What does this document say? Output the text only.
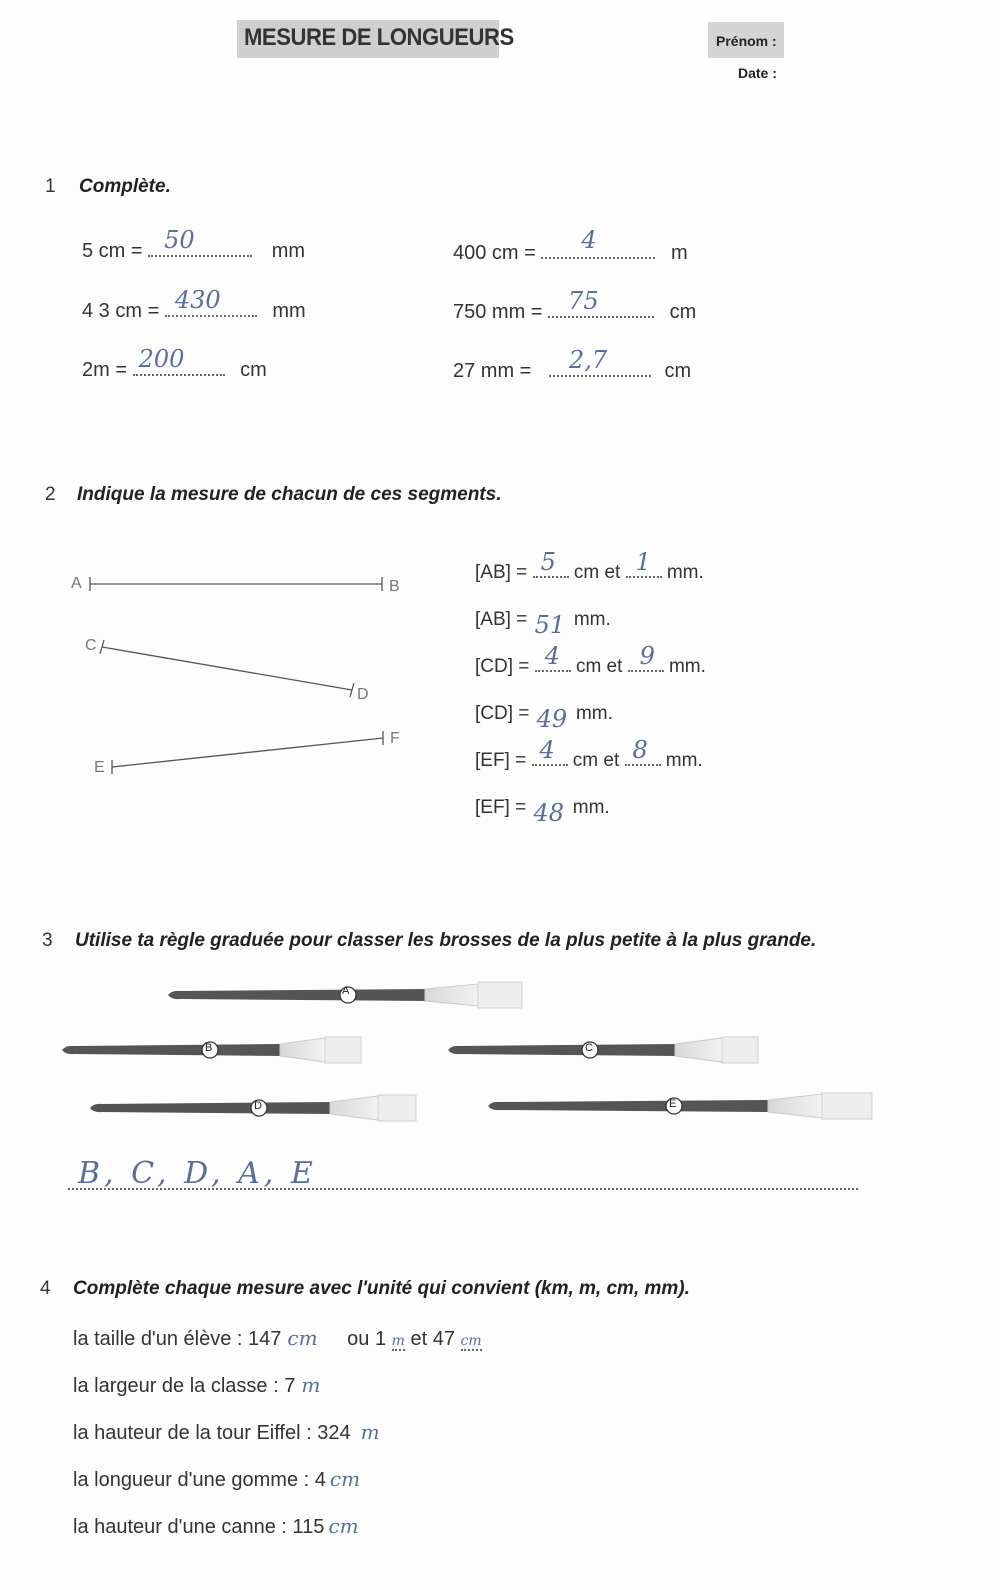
MESURE DE LONGUEURS	Prénom :
Date :
1 Complète.
5 cm = 50	mm
4 3 cm = 430	mm
2m = 200	cm
400 cm = 4	m
750 mm = 75	cm
27 mm = 2,7	cm
2 Indique la mesure de chacun de ces segments.
A	B
C
D
F
E
[AB] = 5 cm et 1 mm.
[AB] = 51 mm.
[CD] = 4 cm et 9 mm.
[CD] = 49 mm.
[EF] = 4 cm et 8 mm.
[EF] = 48 mm.
3 Utilise ta règle graduée pour classer les brosses de la plus petite à la plus grande.
A
B	C
D	E
B, C, D, A, E
4 Complète chaque mesure avec l'unité qui convient (km, m, cm, mm).
la taille d'un élève : 147 cm ou 1 m et 47 cm
la largeur de la classe : 7 m
la hauteur de la tour Eiffel : 324 m
la longueur d'une gomme : 4 cm
la hauteur d'une canne : 115 cm
